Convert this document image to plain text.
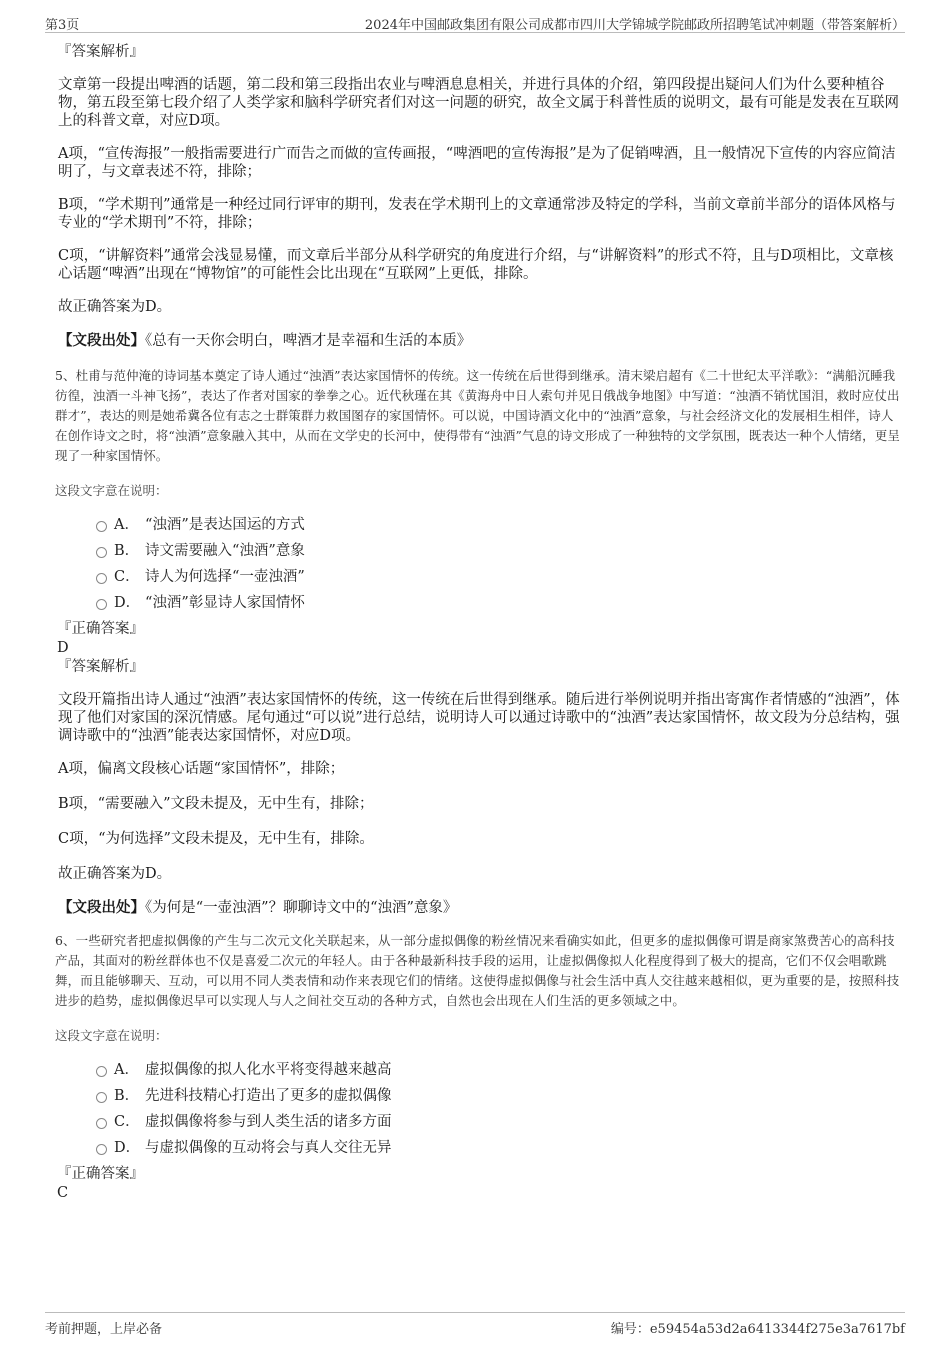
第3页	2024年中国邮政集团有限公司成都市四川大学锦城学院邮政所招聘笔试冲刺题（带答案解析）

『答案解析』

文章第一段提出啤酒的话题，第二段和第三段指出农业与啤酒息息相关，并进行具体的介绍，第四段提出疑问人们为什么要种植谷物，第五段至第七段介绍了人类学家和脑科学研究者们对这一问题的研究，故全文属于科普性质的说明文，最有可能是发表在互联网上的科普文章，对应D项。

A项，“宣传海报”一般指需要进行广而告之而做的宣传画报，“啤酒吧的宣传海报”是为了促销啤酒，且一般情况下宣传的内容应简洁明了，与文章表述不符，排除；

B项，“学术期刊”通常是一种经过同行评审的期刊，发表在学术期刊上的文章通常涉及特定的学科，当前文章前半部分的语体风格与专业的“学术期刊”不符，排除；

C项，“讲解资料”通常会浅显易懂，而文章后半部分从科学研究的角度进行介绍，与“讲解资料”的形式不符，且与D项相比，文章核心话题“啤酒”出现在“博物馆”的可能性会比出现在“互联网”上更低，排除。

故正确答案为D。

【文段出处】《总有一天你会明白，啤酒才是幸福和生活的本质》

5、杜甫与范仲淹的诗词基本奠定了诗人通过“浊酒”表达家国情怀的传统。这一传统在后世得到继承。清末梁启超有《二十世纪太平洋歌》：“满船沉睡我彷徨，浊酒一斗神飞扬”，表达了作者对国家的拳拳之心。近代秋瑾在其《黄海舟中日人索句并见日俄战争地图》中写道：“浊酒不销忧国泪，救时应仗出群才”，表达的则是她希冀各位有志之士群策群力救国图存的家国情怀。可以说，中国诗酒文化中的“浊酒”意象，与社会经济文化的发展相生相伴，诗人在创作诗文之时，将“浊酒”意象融入其中，从而在文学史的长河中，使得带有“浊酒”气息的诗文形成了一种独特的文学氛围，既表达一种个人情绪，更呈现了一种家国情怀。

这段文字意在说明：

A． “浊酒”是表达国运的方式
B． 诗文需要融入“浊酒”意象
C． 诗人为何选择“一壶浊酒”
D． “浊酒”彰显诗人家国情怀

『正确答案』

D

『答案解析』

文段开篇指出诗人通过“浊酒”表达家国情怀的传统，这一传统在后世得到继承。随后进行举例说明并指出寄寓作者情感的“浊酒”，体现了他们对家国的深沉情感。尾句通过“可以说”进行总结，说明诗人可以通过诗歌中的“浊酒”表达家国情怀，故文段为分总结构，强调诗歌中的“浊酒”能表达家国情怀，对应D项。

A项，偏离文段核心话题“家国情怀”，排除；

B项，“需要融入”文段未提及，无中生有，排除；

C项，“为何选择”文段未提及，无中生有，排除。

故正确答案为D。

【文段出处】《为何是“一壶浊酒”？聊聊诗文中的“浊酒”意象》

6、一些研究者把虚拟偶像的产生与二次元文化关联起来，从一部分虚拟偶像的粉丝情况来看确实如此，但更多的虚拟偶像可谓是商家煞费苦心的高科技产品，其面对的粉丝群体也不仅是喜爱二次元的年轻人。由于各种最新科技手段的运用，让虚拟偶像拟人化程度得到了极大的提高，它们不仅会唱歌跳舞，而且能够聊天、互动，可以用不同人类表情和动作来表现它们的情绪。这使得虚拟偶像与社会生活中真人交往越来越相似，更为重要的是，按照科技进步的趋势，虚拟偶像迟早可以实现人与人之间社交互动的各种方式，自然也会出现在人们生活的更多领域之中。

这段文字意在说明：

A． 虚拟偶像的拟人化水平将变得越来越高
B． 先进科技精心打造出了更多的虚拟偶像
C． 虚拟偶像将参与到人类生活的诸多方面
D． 与虚拟偶像的互动将会与真人交往无异

『正确答案』

C

考前押题，上岸必备	编号：e59454a53d2a6413344f275e3a7617bf
